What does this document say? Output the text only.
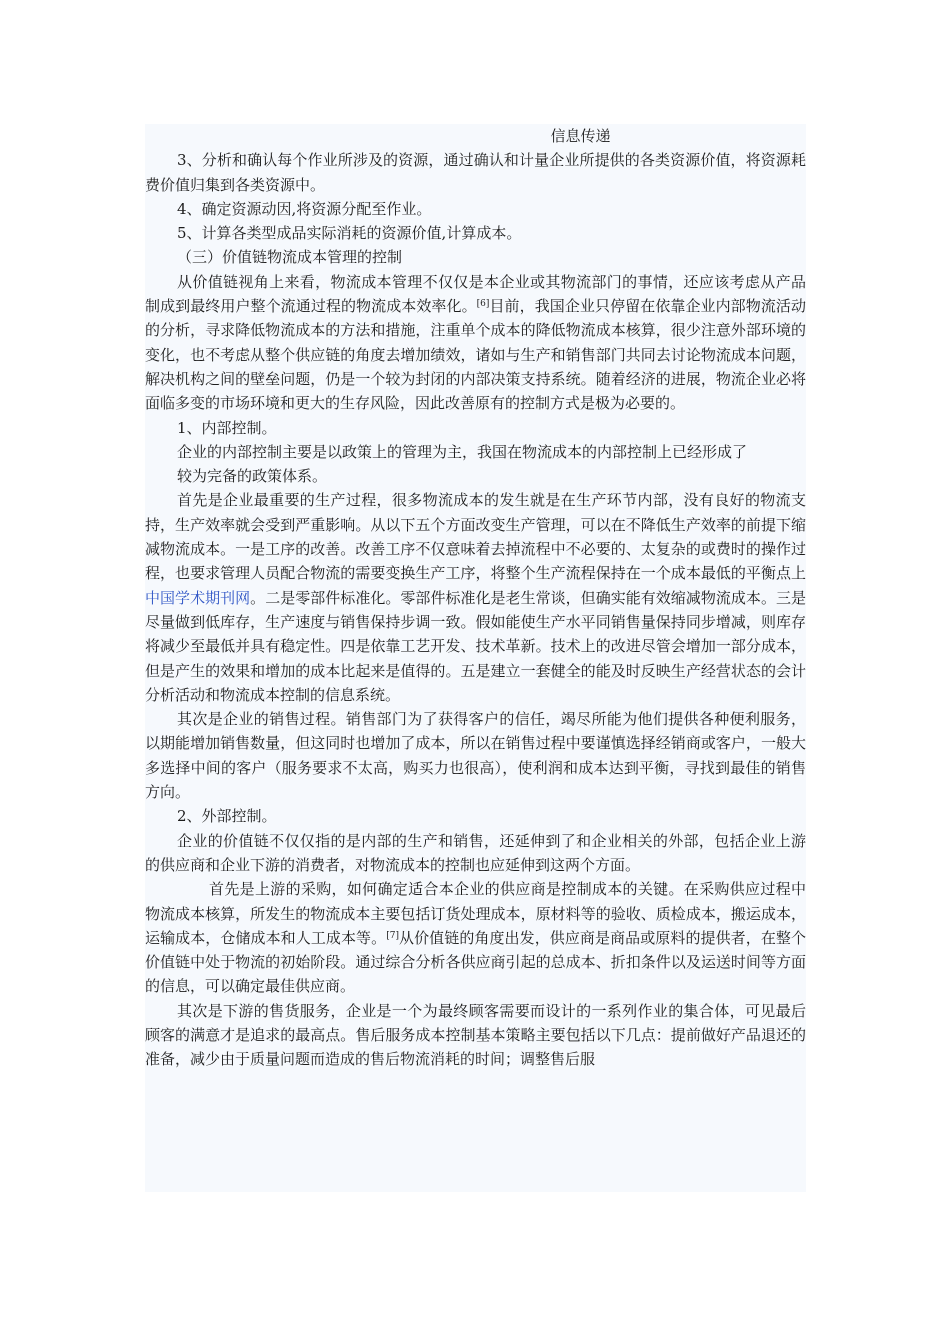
信息传递

3、分析和确认每个作业所涉及的资源，通过确认和计量企业所提供的各类资源价值，将资源耗费价值归集到各类资源中。

4、确定资源动因,将资源分配至作业。

5、计算各类型成品实际消耗的资源价值,计算成本。

（三）价值链物流成本管理的控制

从价值链视角上来看，物流成本管理不仅仅是本企业或其物流部门的事情，还应该考虑从产品制成到最终用户整个流通过程的物流成本效率化。[6]目前，我国企业只停留在依靠企业内部物流活动的分析，寻求降低物流成本的方法和措施，注重单个成本的降低物流成本核算，很少注意外部环境的变化，也不考虑从整个供应链的角度去增加绩效，诸如与生产和销售部门共同去讨论物流成本问题，解决机构之间的壁垒问题，仍是一个较为封闭的内部决策支持系统。随着经济的进展，物流企业必将面临多变的市场环境和更大的生存风险，因此改善原有的控制方式是极为必要的。

1、内部控制。

企业的内部控制主要是以政策上的管理为主，我国在物流成本的内部控制上已经形成了

较为完备的政策体系。

首先是企业最重要的生产过程，很多物流成本的发生就是在生产环节内部，没有良好的物流支持，生产效率就会受到严重影响。从以下五个方面改变生产管理，可以在不降低生产效率的前提下缩减物流成本。一是工序的改善。改善工序不仅意味着去掉流程中不必要的、太复杂的或费时的操作过程，也要求管理人员配合物流的需要变换生产工序，将整个生产流程保持在一个成本最低的平衡点上中国学术期刊网。二是零部件标准化。零部件标准化是老生常谈，但确实能有效缩减物流成本。三是尽量做到低库存，生产速度与销售保持步调一致。假如能使生产水平同销售量保持同步增减，则库存将减少至最低并具有稳定性。四是依靠工艺开发、技术革新。技术上的改进尽管会增加一部分成本，但是产生的效果和增加的成本比起来是值得的。五是建立一套健全的能及时反映生产经营状态的会计分析活动和物流成本控制的信息系统。

其次是企业的销售过程。销售部门为了获得客户的信任，竭尽所能为他们提供各种便利服务，以期能增加销售数量，但这同时也增加了成本，所以在销售过程中要谨慎选择经销商或客户，一般大多选择中间的客户（服务要求不太高，购买力也很高），使利润和成本达到平衡，寻找到最佳的销售方向。

2、外部控制。

企业的价值链不仅仅指的是内部的生产和销售，还延伸到了和企业相关的外部，包括企业上游的供应商和企业下游的消费者，对物流成本的控制也应延伸到这两个方面。

首先是上游的采购，如何确定适合本企业的供应商是控制成本的关键。在采购供应过程中物流成本核算，所发生的物流成本主要包括订货处理成本，原材料等的验收、质检成本，搬运成本，运输成本，仓储成本和人工成本等。[7]从价值链的角度出发，供应商是商品或原料的提供者，在整个价值链中处于物流的初始阶段。通过综合分析各供应商引起的总成本、折扣条件以及运送时间等方面的信息，可以确定最佳供应商。

其次是下游的售货服务，企业是一个为最终顾客需要而设计的一系列作业的集合体，可见最后顾客的满意才是追求的最高点。售后服务成本控制基本策略主要包括以下几点：提前做好产品退还的准备，减少由于质量问题而造成的售后物流消耗的时间；调整售后服
